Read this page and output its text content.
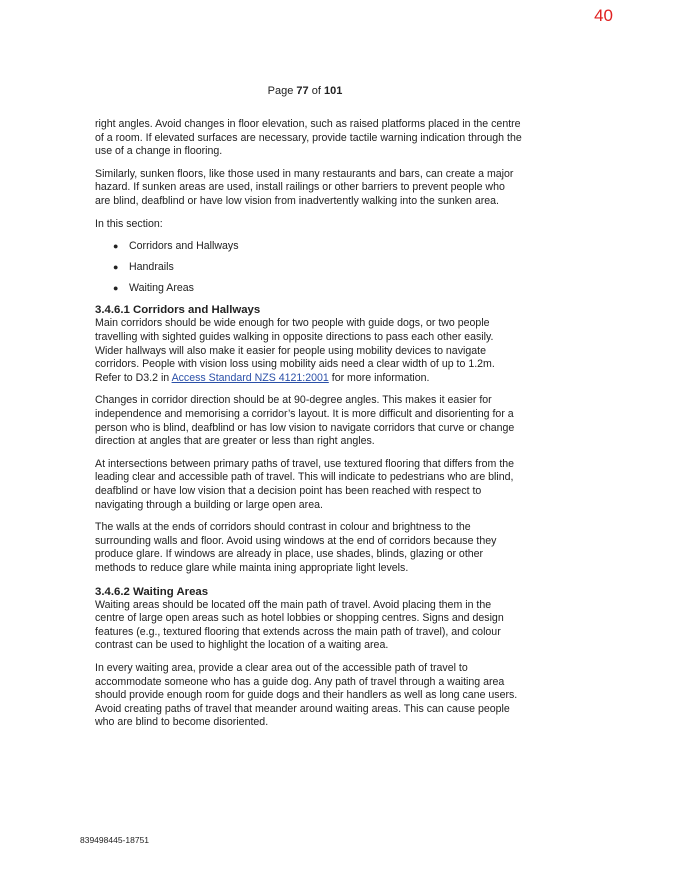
40
Page 77 of 101

right angles. Avoid changes in floor elevation, such as raised platforms placed in the centre of a room. If elevated surfaces are necessary, provide tactile warning indication through the use of a change in flooring.

Similarly, sunken floors, like those used in many restaurants and bars, can create a major hazard. If sunken areas are used, install railings or other barriers to prevent people who are blind, deafblind or have low vision from inadvertently walking into the sunken area.

In this section:

● Corridors and Hallways
● Handrails
● Waiting Areas
3.4.6.1 Corridors and Hallways

Main corridors should be wide enough for two people with guide dogs, or two people travelling with sighted guides walking in opposite directions to pass each other easily. Wider hallways will also make it easier for people using mobility devices to navigate corridors. People with vision loss using mobility aids need a clear width of up to 1.2m. Refer to D3.2 in Access Standard NZS 4121:2001 for more information.

Changes in corridor direction should be at 90-degree angles. This makes it easier for independence and memorising a corridor’s layout. It is more difficult and disorienting for a person who is blind, deafblind or has low vision to navigate corridors that curve or change direction at angles that are greater or less than right angles.

At intersections between primary paths of travel, use textured flooring that differs from the leading clear and accessible path of travel. This will indicate to pedestrians who are blind, deafblind or have low vision that a decision point has been reached with respect to navigating through a building or large open area.

The walls at the ends of corridors should contrast in colour and brightness to the surrounding walls and floor. Avoid using windows at the end of corridors because they produce glare. If windows are already in place, use shades, blinds, glazing or other methods to reduce glare while mainta ining appropriate light levels.

3.4.6.2 Waiting Areas

Waiting areas should be located off the main path of travel. Avoid placing them in the centre of large open areas such as hotel lobbies or shopping centres. Signs and design features (e.g., textured flooring that extends across the main path of travel), and colour contrast can be used to highlight the location of a waiting area.

In every waiting area, provide a clear area out of the accessible path of travel to accommodate someone who has a guide dog. Any path of travel through a waiting area should provide enough room for guide dogs and their handlers as well as long cane users. Avoid creating paths of travel that meander around waiting areas. This can cause people who are blind to become disoriented.

839498445-18751
